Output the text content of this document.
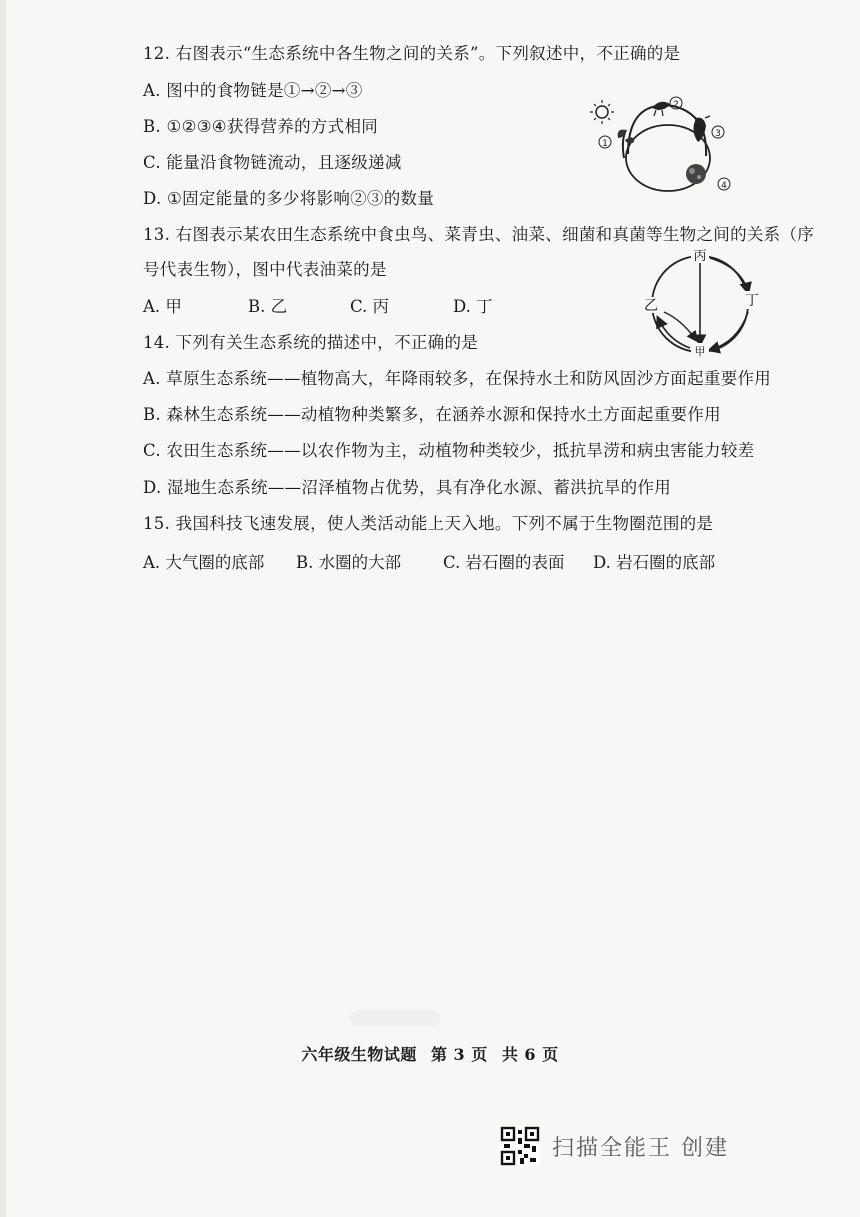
12. 右图表示“生态系统中各生物之间的关系”。下列叙述中，不正确的是
A. 图中的食物链是①→②→③
B. ①②③④获得营养的方式相同
C. 能量沿食物链流动，且逐级递减
D. ①固定能量的多少将影响②③的数量
1
2
3
4
13. 右图表示某农田生态系统中食虫鸟、菜青虫、油菜、细菌和真菌等生物之间的关系（序
号代表生物），图中代表油菜的是
A. 甲	B. 乙	C. 丙	D. 丁
丙
乙	丁
甲
14. 下列有关生态系统的描述中，不正确的是
A. 草原生态系统——植物高大，年降雨较多，在保持水土和防风固沙方面起重要作用
B. 森林生态系统——动植物种类繁多，在涵养水源和保持水土方面起重要作用
C. 农田生态系统——以农作物为主，动植物种类较少，抵抗旱涝和病虫害能力较差
D. 湿地生态系统——沼泽植物占优势，具有净化水源、蓄洪抗旱的作用
15. 我国科技飞速发展，使人类活动能上天入地。下列不属于生物圈范围的是
A. 大气圈的底部 B. 水圈的大部	C. 岩石圈的表面 D. 岩石圈的底部
六年级生物试题 第 3 页 共 6 页
扫描全能王 创建
